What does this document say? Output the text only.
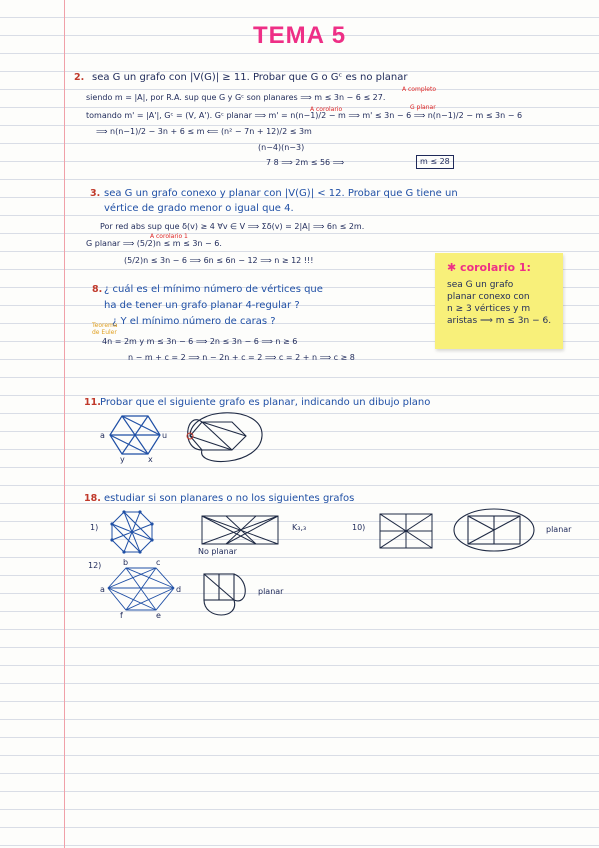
TEMA 5
2. sea G un grafo con |V(G)| ≥ 11. Probar que G o Gᶜ es no planar
A completo
siendo m = |A|, por R.A. sup que G y Gᶜ son planares ⟹ m ≤ 3n − 6 ≤ 27.
A corolario	G planar
tomando m' = |A'|, Gᶜ = (V, A'). Gᶜ planar ⟹ m' = n(n−1)/2 − m ⟹ m' ≤ 3n − 6 ⟹ n(n−1)/2 − m ≤ 3n − 6
⟹ n(n−1)/2 − 3n + 6 ≤ m ⟸ (n² − 7n + 12)/2 ≤ 3m
(n−4)(n−3)
7 8 ⟹ 2m ≤ 56 ⟹	m ≤ 28
3. sea G un grafo conexo y planar con |V(G)| < 12. Probar que G tiene un
vértice de grado menor o igual que 4.
Por red abs sup que δ(v) ≥ 4 ∀v ∈ V ⟹ Σδ(v) = 2|A| ⟹ 6n ≤ 2m.
A corolario 1
G planar ⟹ (5/2)n ≤ m ≤ 3n − 6.
(5/2)n ≤ 3n − 6 ⟹ 6n ≤ 6n − 12 ⟹ n ≥ 12 !!!
8. ¿ cuál es el mínimo número de vértices que
ha de tener un grafo planar 4-regular ?
¿ Y el mínimo número de caras ?
Teorema de Euler
4n = 2m y m ≤ 3n − 6 ⟹ 2n ≤ 3n − 6 ⟹ n ≥ 6
n − m + c = 2 ⟹ n − 2n + c = 2 ⟹ c = 2 + n ⟹ c ≥ 8
✱ corolario 1:
sea G un grafo
planar conexo con
n ≥ 3 vértices y m
aristas ⟹ m ≤ 3n − 6.
11. Probar que el siguiente grafo es planar, indicando un dibujo plano
a	u
y	x
18. estudiar si son planares o no los siguientes grafos
1)	K₃,₃
No planar
10)	planar
12)
a
b	c
d
e
f
planar
